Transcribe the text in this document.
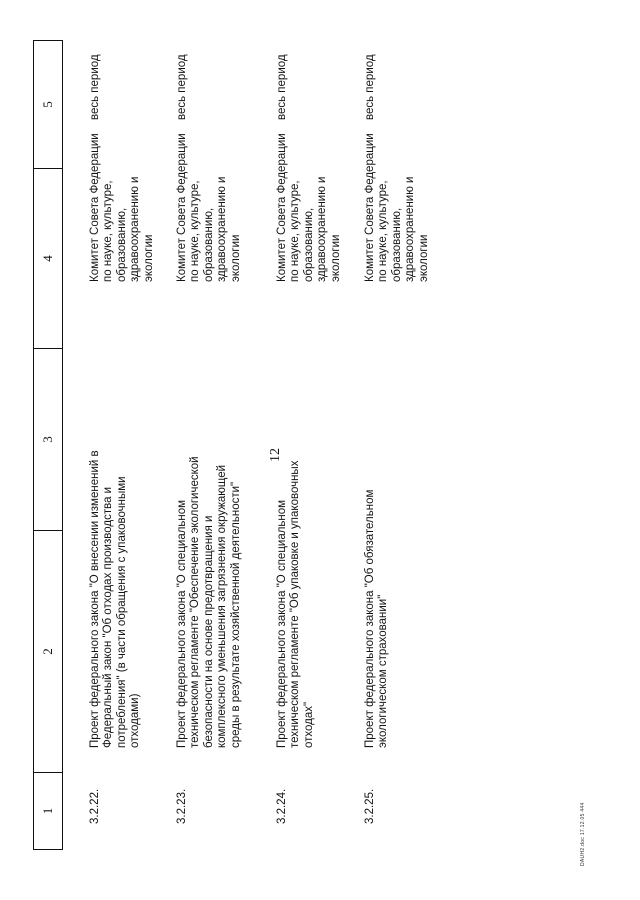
12
1
2
3
4
5
3.2.22.
Проект федерального закона "О внесении изменений в Федеральный закон "Об отходах производства и потребления" (в части обращения с упаковочными отходами)
Комитет Совета Федерации по науке, культуре, образованию, здравоохранению и экологии
весь период
3.2.23.
Проект федерального закона "О специальном техническом регламенте "Обеспечение экологической безопасности на основе предотвращения и комплексного уменьшения загрязнения окружающей среды в результате хозяйственной деятельности"
Комитет Совета Федерации по науке, культуре, образованию, здравоохранению и экологии
весь период
3.2.24.
Проект федерального закона "О специальном техническом регламенте "Об упаковке и упаковочных отходах"
Комитет Совета Федерации по науке, культуре, образованию, здравоохранению и экологии
весь период
3.2.25.
Проект федерального закона "Об обязательном экологическом страховании"
Комитет Совета Федерации по науке, культуре, образованию, здравоохранению и экологии
весь период
DAUH2.doc 17.12.05 444
